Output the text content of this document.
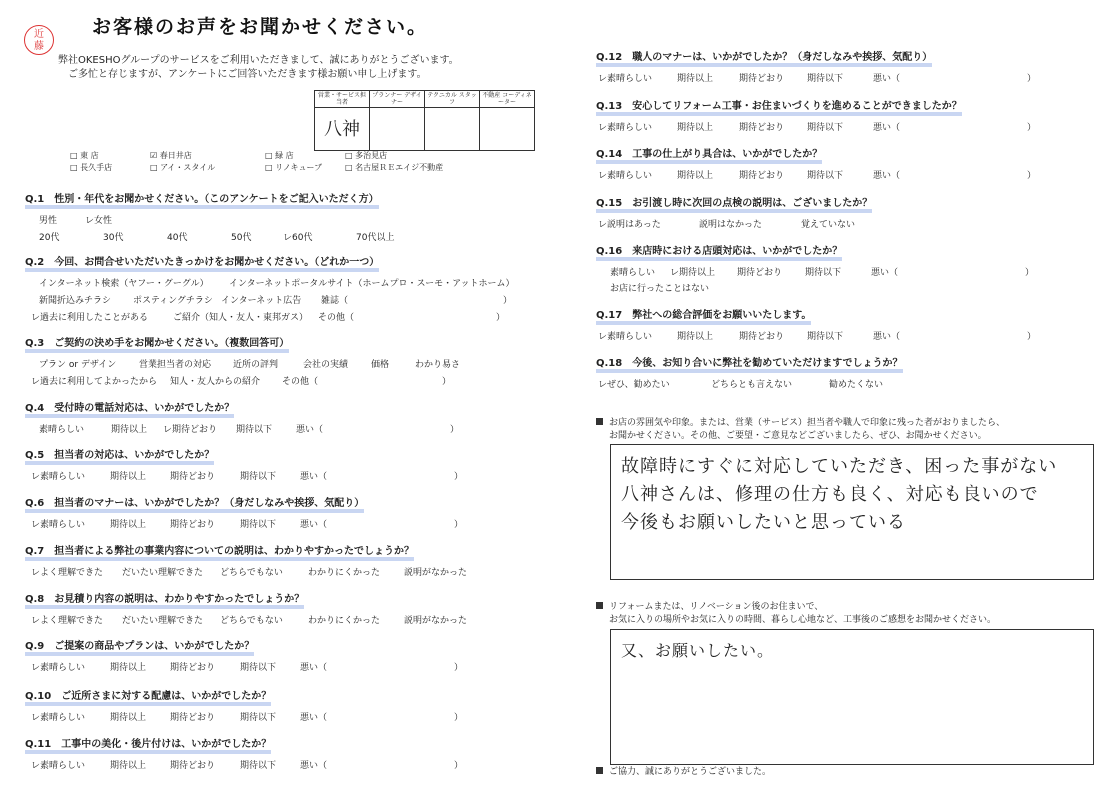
近
藤
お客様のお声をお聞かせください。
弊社OKESHOグループのサービスをご利用いただきまして、誠にありがとうございます。
ご多忙と存じますが、アンケートにご回答いただきます様お願い申し上げます。
営業・サービス担当者	プランナー デザイナー	テクニカル スタッフ	不動産 コーディネーター
八神			
□ 東 店	☑ 春日井店	□ 緑 店	□ 多治見店
□ 長久手店	□ アイ・スタイル	□ リノキューブ	□ 名古屋ＲＥエイジ不動産
Q.1　性別・年代をお聞かせください。（このアンケートをご記入いただく方）
男性	レ 女性
20代	30代	40代	50代	レ 60代	70代以上
Q.2　今回、お問合せいただいたきっかけをお聞かせください。（どれか一つ）
インターネット検索（ヤフー・グーグル）	インターネットポータルサイト（ホームプロ・スーモ・アットホーム）
新聞折込みチラシ	ポスティングチラシ インターネット広告	雑誌（	）
レ 過去に利用したことがある	ご紹介（知人・友人・東邦ガス）	その他（	）
Q.3　ご契約の決め手をお聞かせください。（複数回答可）
プラン or デザイン	営業担当者の対応	近所の評判	会社の実績	価格	わかり易さ
レ 過去に利用してよかったから	知人・友人からの紹介	その他（	）
Q.4　受付時の電話対応は、いかがでしたか？
素晴らしい	期待以上	レ 期待どおり	期待以下	悪い（	）
Q.5　担当者の対応は、いかがでしたか？
レ 素晴らしい	期待以上	期待どおり	期待以下	悪い（	）
Q.6　担当者のマナーは、いかがでしたか？（身だしなみや挨拶、気配り）
レ 素晴らしい	期待以上	期待どおり	期待以下	悪い（	）
Q.7　担当者による弊社の事業内容についての説明は、わかりやすかったでしょうか？
レ よく理解できた	だいたい理解できた	どちらでもない	わかりにくかった	説明がなかった
Q.8　お見積り内容の説明は、わかりやすかったでしょうか？
レ よく理解できた	だいたい理解できた	どちらでもない	わかりにくかった	説明がなかった
Q.9　ご提案の商品やプランは、いかがでしたか？
レ 素晴らしい	期待以上	期待どおり	期待以下	悪い（	）
Q.10　ご近所さまに対する配慮は、いかがでしたか？
レ 素晴らしい	期待以上	期待どおり	期待以下	悪い（	）
Q.11　工事中の美化・後片付けは、いかがでしたか？
レ 素晴らしい	期待以上	期待どおり	期待以下	悪い（	）
Q.12　職人のマナーは、いかがでしたか？（身だしなみや挨拶、気配り）
レ 素晴らしい	期待以上	期待どおり	期待以下	悪い（	）
Q.13　安心してリフォーム工事・お住まいづくりを進めることができましたか？
レ 素晴らしい	期待以上	期待どおり	期待以下	悪い（	）
Q.14　工事の仕上がり具合は、いかがでしたか？
レ 素晴らしい	期待以上	期待どおり	期待以下	悪い（	）
Q.15　お引渡し時に次回の点検の説明は、ございましたか？
レ 説明はあった	説明はなかった	覚えていない
Q.16　来店時における店頭対応は、いかがでしたか？
素晴らしい	レ 期待以上	期待どおり	期待以下	悪い（	）
お店に行ったことはない
Q.17　弊社への総合評価をお願いいたします。
レ 素晴らしい	期待以上	期待どおり	期待以下	悪い（	）
Q.18　今後、お知り合いに弊社を勧めていただけますでしょうか？
レ ぜひ、勧めたい	どちらとも言えない	勧めたくない
お店の雰囲気や印象。または、営業（サービス）担当者や職人で印象に残った者がおりましたら、
お聞かせください。その他、ご要望・ご意見などございましたら、ぜひ、お聞かせください。
故障時にすぐに対応していただき、困った事がない
八神さんは、修理の仕方も良く、対応も良いので
今後もお願いしたいと思っている
リフォームまたは、リノベーション後のお住まいで、
お気に入りの場所やお気に入りの時間、暮らし心地など、工事後のご感想をお聞かせください。
又、お願いしたい。
ご協力、誠にありがとうございました。
